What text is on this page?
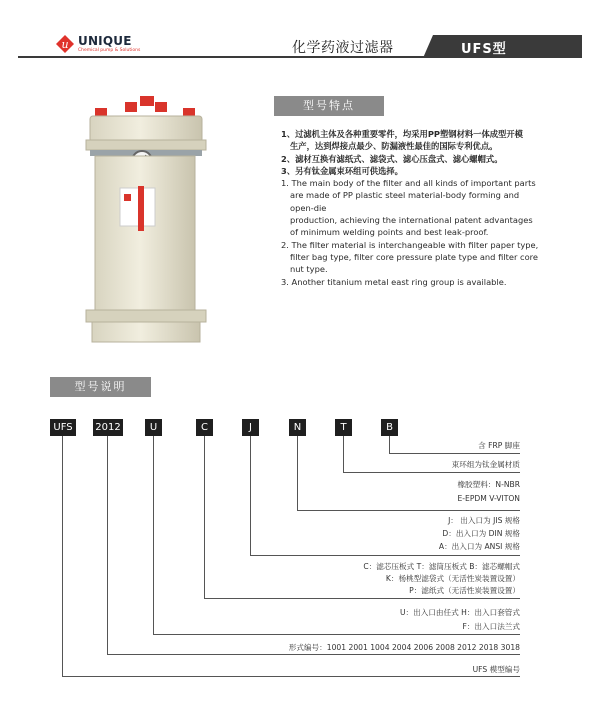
u UNIQUE
Chemical pump & Solutions	化学药液过滤器	UFS型
型号特点

1、过滤机主体及各种重要零件，均采用PP塑钢材料一体成型开模

生产，达到焊接点最少、防漏液性最佳的国际专利优点。

2、滤材互换有滤纸式、滤袋式、滤心压盘式、滤心螺帽式。

3、另有钛金属束环组可供选择。

1. The main body of the filter and all kinds of important parts

are made of PP plastic steel material-body forming and

open-die

production, achieving the international patent advantages

of minimum welding points and best leak-proof.

2. The filter material is interchangeable with filter paper type,

filter bag type, filter core pressure plate type and filter core

nut type.

3. Another titanium metal east ring group is available.

型号说明
UFS	2012	U	C	J	N	T	B
含 FRP 脚座
束环组为钛金属材质
橡胶塑料：N-NBR
E-EPDM V-VITON
J： 出入口为 JIS 规格
D：出入口为 DIN 规格
A：出入口为 ANSI 规格
C：滤芯压板式 T：滤筒压板式 B：滤芯螺帽式
K：杨桃型滤袋式（无活性炭装置设置）
P：滤纸式（无活性炭装置设置）
U：出入口由任式 H：出入口套管式
F：出入口法兰式
形式编号：1001 2001 1004 2004 2006 2008 2012 2018 3018
UFS 模型编号
